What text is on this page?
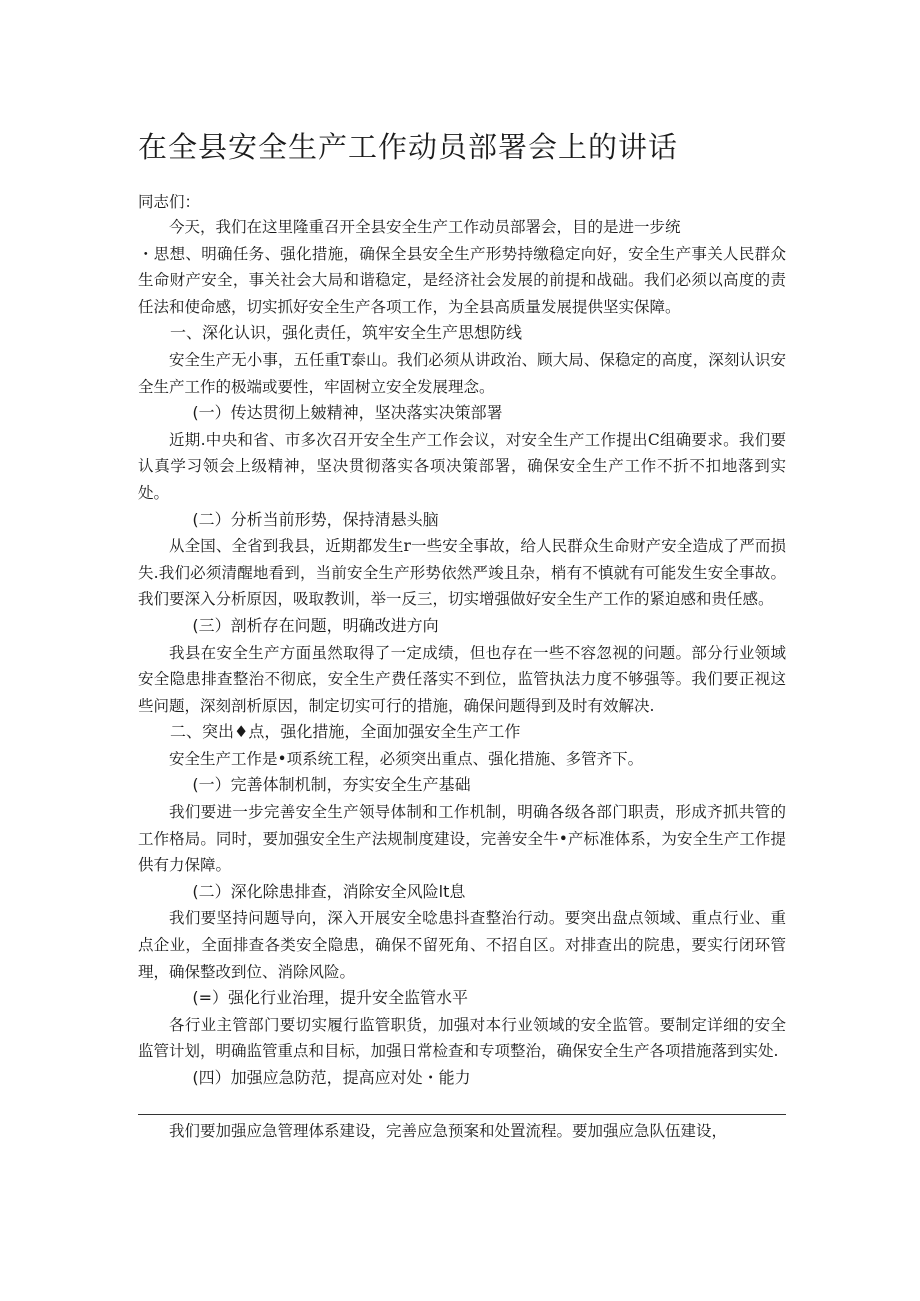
在全县安全生产工作动员部署会上的讲话

同志们：

今天，我们在这里隆重召开全县安全生产工作动员部署会，目的是进一步统

・思想、明确任务、强化措施，确保全县安全生产形势持缴稳定向好，安全生产事关人民群众生命财产安全，事关社会大局和谐稳定，是经济社会发展的前提和战础。我们必须以高度的责任法和使命感，切实抓好安全生产各项工作，为全县高质量发展提供坚实保障。

一、深化认识，强化责任，筑牢安全生产思想防线

安全生产无小事，五任重T泰山。我们必须从讲政治、顾大局、保稳定的高度，深刻认识安全生产工作的极端或要性，牢固树立安全发展理念。

(一）传达贯彻上皴精神，坚决落实决策部署

近期.中央和省、市多次召开安全生产工作会议，对安全生产工作提出C组确要求。我们要认真学习领会上级精神，坚决贯彻落实各项决策部署，确保安全生产工作不折不扣地落到实处。

(二）分析当前形势，保持清悬头脑

从全国、全省到我县，近期都发生r一些安全事故，给人民群众生命财产安全造成了严而损失.我们必须清醒地看到，当前安全生产形势依然严竣且杂，梢有不慎就有可能发生安全事故。我们要深入分析原因，吸取教训，举一反三，切实增强做好安全生产工作的紧迫感和贵任感。

(三）剖析存在问题，明确改进方向

我县在安全生产方面虽然取得了一定成绩，但也存在一些不容忽视的问题。部分行业领域安全隐患排查整治不彻底，安全生产费任落实不到位，监管执法力度不够强等。我们要正视这些问题，深刻剖析原因，制定切实可行的措施，确保问题得到及时有效解决.

二、突出♦点，强化措施，全面加强安全生产工作

安全生产工作是•项系统工程，必须突出重点、强化措施、多管齐下。

(一）完善体制机制，夯实安全生产基础

我们要进一步完善安全生产领导体制和工作机制，明确各级各部门职责，形成齐抓共管的工作格局。同时，要加强安全生产法规制度建设，完善安全牛•产标准体系，为安全生产工作提供有力保障。

(二）深化除患排查，消除安全风险lt息

我们要坚持问题导向，深入开展安全唸患抖查整治行动。要突出盘点领域、重点行业、重点企业，全面排查各类安全隐患，确保不留死角、不招自区。对排查出的院患，要实行闭环管理，确保整改到位、消除风险。

(=）强化行业治理，提升安全监管水平

各行业主管部门要切实履行监管职货，加强对本行业领域的安全监管。要制定详细的安全监管计划，明确监管重点和目标，加强日常检查和专项整治，确保安全生产各项措施落到实处.

(四）加强应急防范，提高应对处・能力

我们要加强应急管理体系建设，完善应急预案和处置流程。要加强应急队伍建设，
